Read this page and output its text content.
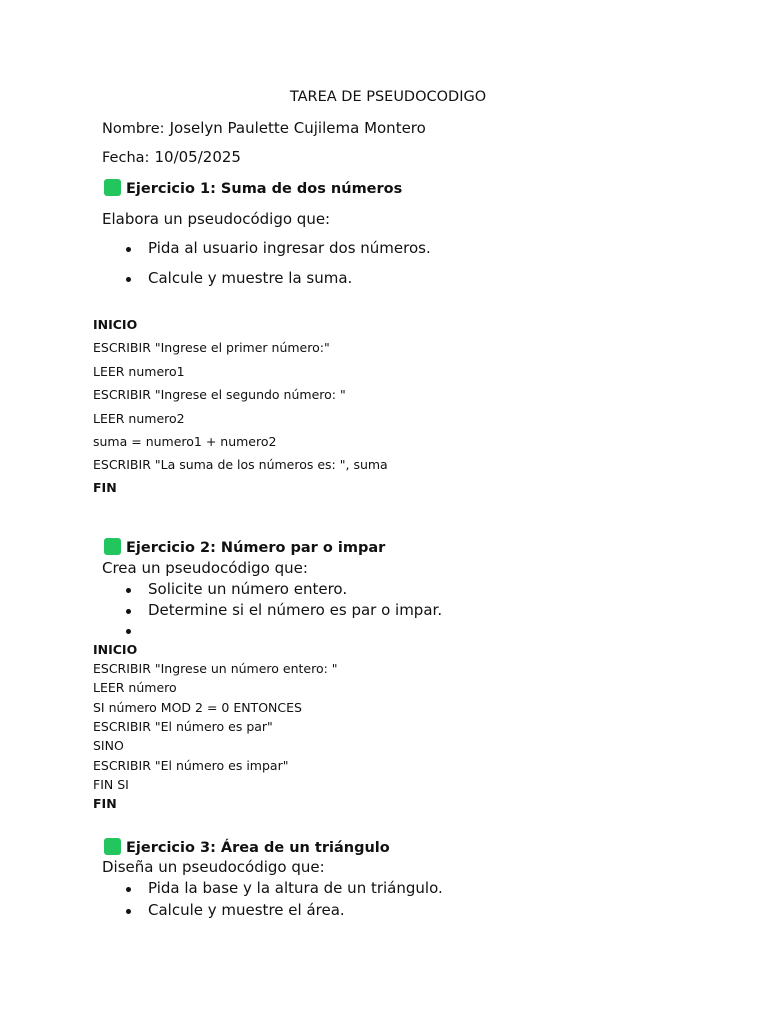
TAREA DE PSEUDOCODIGO
Nombre: Joselyn Paulette Cujilema Montero
Fecha: 10/05/2025
Ejercicio 1: Suma de dos números
Elabora un pseudocódigo que:
Pida al usuario ingresar dos números.
Calcule y muestre la suma.
INICIO
ESCRIBIR "Ingrese el primer número:"
LEER numero1
ESCRIBIR "Ingrese el segundo número: "
LEER numero2
suma = numero1 + numero2
ESCRIBIR "La suma de los números es: ", suma
FIN
Ejercicio 2: Número par o impar
Crea un pseudocódigo que:
Solicite un número entero.
Determine si el número es par o impar.
INICIO
ESCRIBIR "Ingrese un número entero: "
LEER número
SI número MOD 2 = 0 ENTONCES
ESCRIBIR "El número es par"
SINO
ESCRIBIR "El número es impar"
FIN SI
FIN
Ejercicio 3: Área de un triángulo
Diseña un pseudocódigo que:
Pida la base y la altura de un triángulo.
Calcule y muestre el área.
